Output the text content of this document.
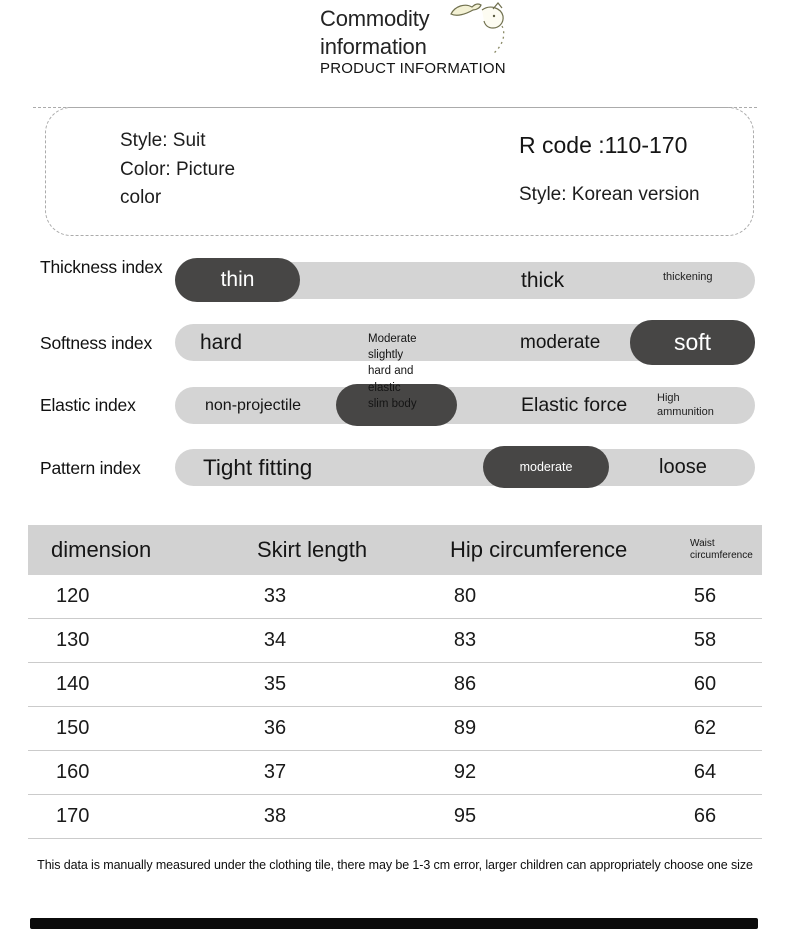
Commodity
information
PRODUCT INFORMATION
Style: Suit
Color: Picture
color
R code :110-170
Style: Korean version
Thickness index
thin	thick	thickening
Softness index	hard	Moderate
slightly
hard and
elastic
slim body
moderate	soft
Elastic index	non-projectile	Elastic force	High
ammunition
Pattern index	Tight fitting	moderate	loose
dimension	Skirt length	Hip circumference	Waist
circumference
120	33	80	56
130	34	83	58
140	35	86	60
150	36	89	62
160	37	92	64
170	38	95	66
This data is manually measured under the clothing tile, there may be 1-3 cm error, larger children can appropriately choose one size
